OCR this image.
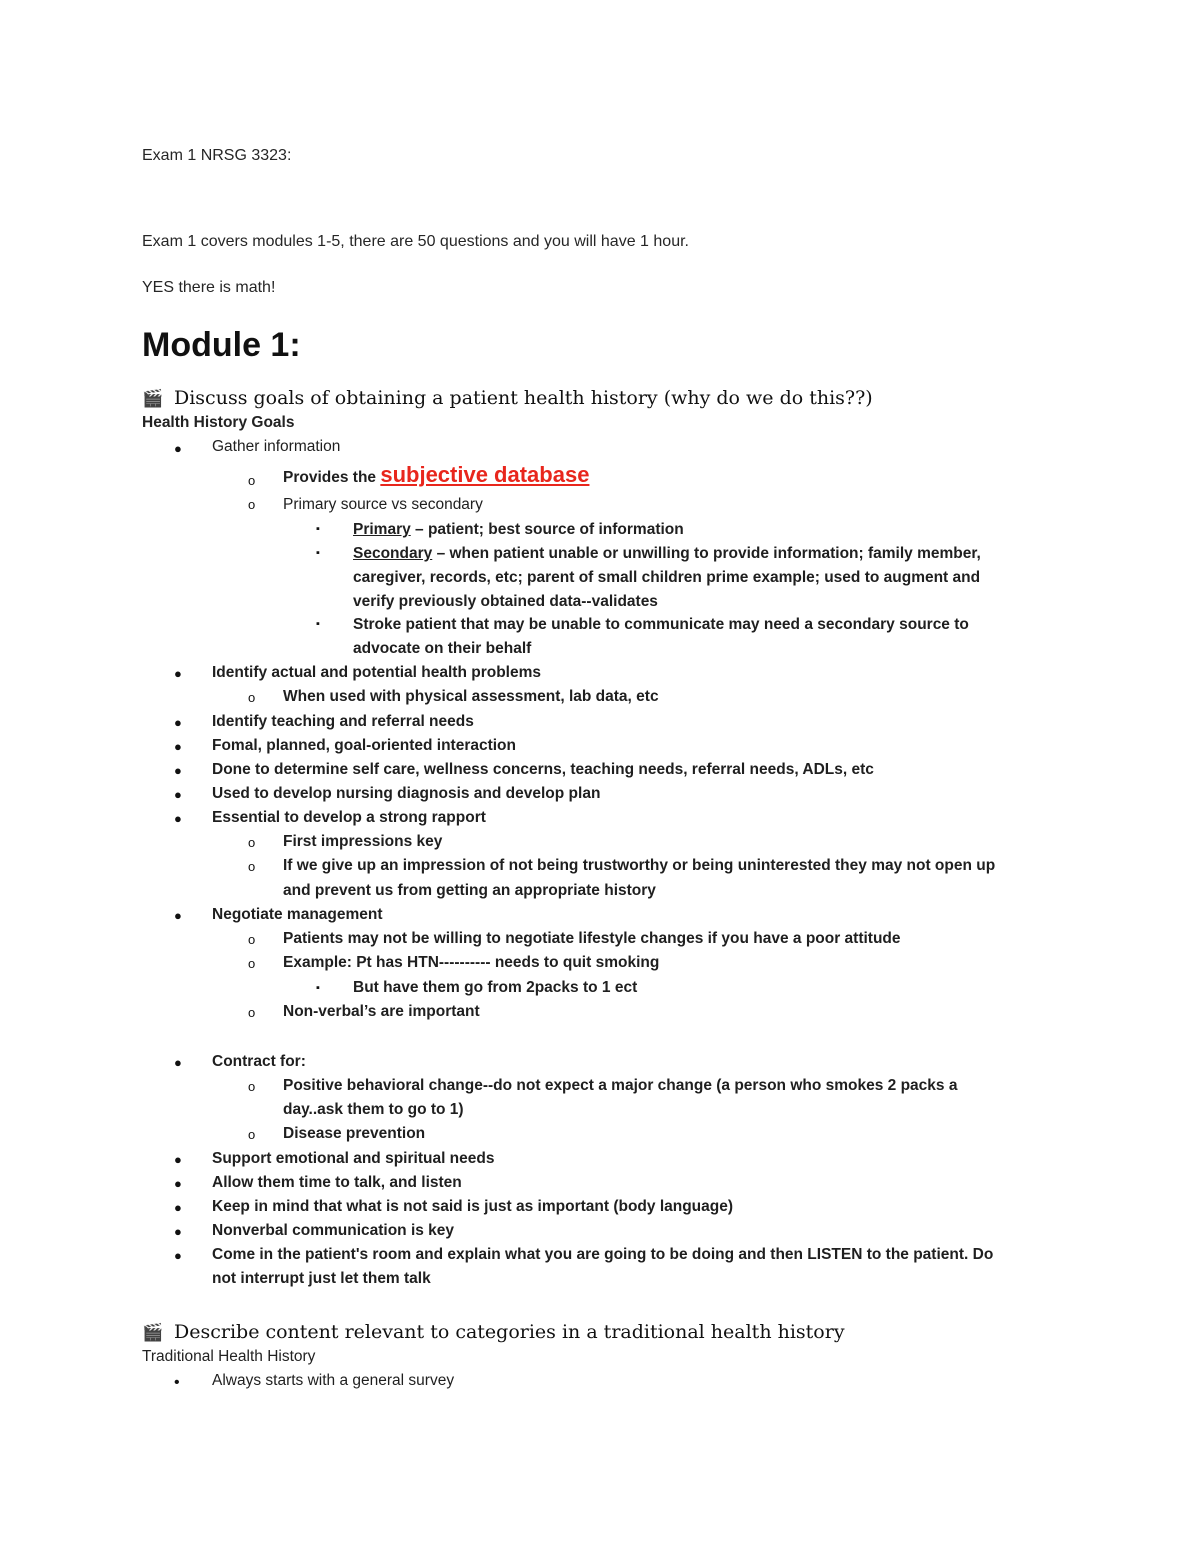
Exam 1 NRSG 3323:
Exam 1 covers modules 1-5, there are 50 questions and you will have 1 hour.
YES there is math!
Module 1:
🎬 Discuss goals of obtaining a patient health history (why do we do this??)
Health History Goals
● Gather information
o Provides the subjective database
o Primary source vs secondary
▪ Primary – patient; best source of information
▪ Secondary – when patient unable or unwilling to provide information; family member,
caregiver, records, etc; parent of small children prime example; used to augment and
verify previously obtained data--validates
▪ Stroke patient that may be unable to communicate may need a secondary source to
advocate on their behalf
● Identify actual and potential health problems
o When used with physical assessment, lab data, etc
● Identify teaching and referral needs
● Fomal, planned, goal-oriented interaction
● Done to determine self care, wellness concerns, teaching needs, referral needs, ADLs, etc
● Used to develop nursing diagnosis and develop plan
● Essential to develop a strong rapport
o First impressions key
o If we give up an impression of not being trustworthy or being uninterested they may not open up
and prevent us from getting an appropriate history
● Negotiate management
o Patients may not be willing to negotiate lifestyle changes if you have a poor attitude
o Example: Pt has HTN---------- needs to quit smoking
▪ But have them go from 2packs to 1 ect
o Non-verbal’s are important
● Contract for:
o Positive behavioral change--do not expect a major change (a person who smokes 2 packs a
day..ask them to go to 1)
o Disease prevention
● Support emotional and spiritual needs
● Allow them time to talk, and listen
● Keep in mind that what is not said is just as important (body language)
● Nonverbal communication is key
● Come in the patient's room and explain what you are going to be doing and then LISTEN to the patient. Do
not interrupt just let them talk
🎬 Describe content relevant to categories in a traditional health history
Traditional Health History
• Always starts with a general survey
